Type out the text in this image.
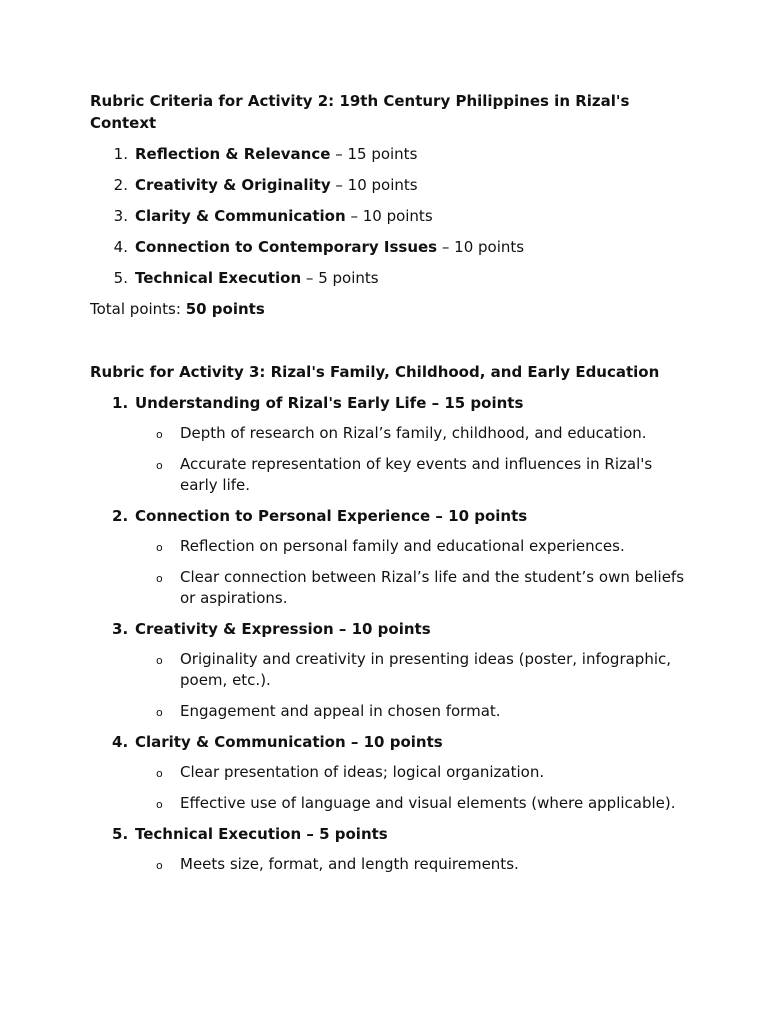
Rubric Criteria for Activity 2: 19th Century Philippines in Rizal's Context

1 . Reflection & Relevance – 15 points
2 . Creativity & Originality – 10 points
3 . Clarity & Communication – 10 points
4 . Connection to Contemporary Issues – 10 points
5 . Technical Execution – 5 points

Total points: 50 points

Rubric for Activity 3: Rizal's Family, Childhood, and Early Education

1 . Understanding of Rizal's Early Life – 15 points
o Depth of research on Rizal’s family, childhood, and education.
o Accurate representation of key events and influences in Rizal's early life.
2 . Connection to Personal Experience – 10 points
o Reflection on personal family and educational experiences.
o Clear connection between Rizal’s life and the student’s own beliefs or aspirations.
3 . Creativity & Expression – 10 points
o Originality and creativity in presenting ideas (poster, infographic, poem, etc.).
o Engagement and appeal in chosen format.
4 . Clarity & Communication – 10 points
o Clear presentation of ideas; logical organization.
o Effective use of language and visual elements (where applicable).
5 . Technical Execution – 5 points
o Meets size, format, and length requirements.
